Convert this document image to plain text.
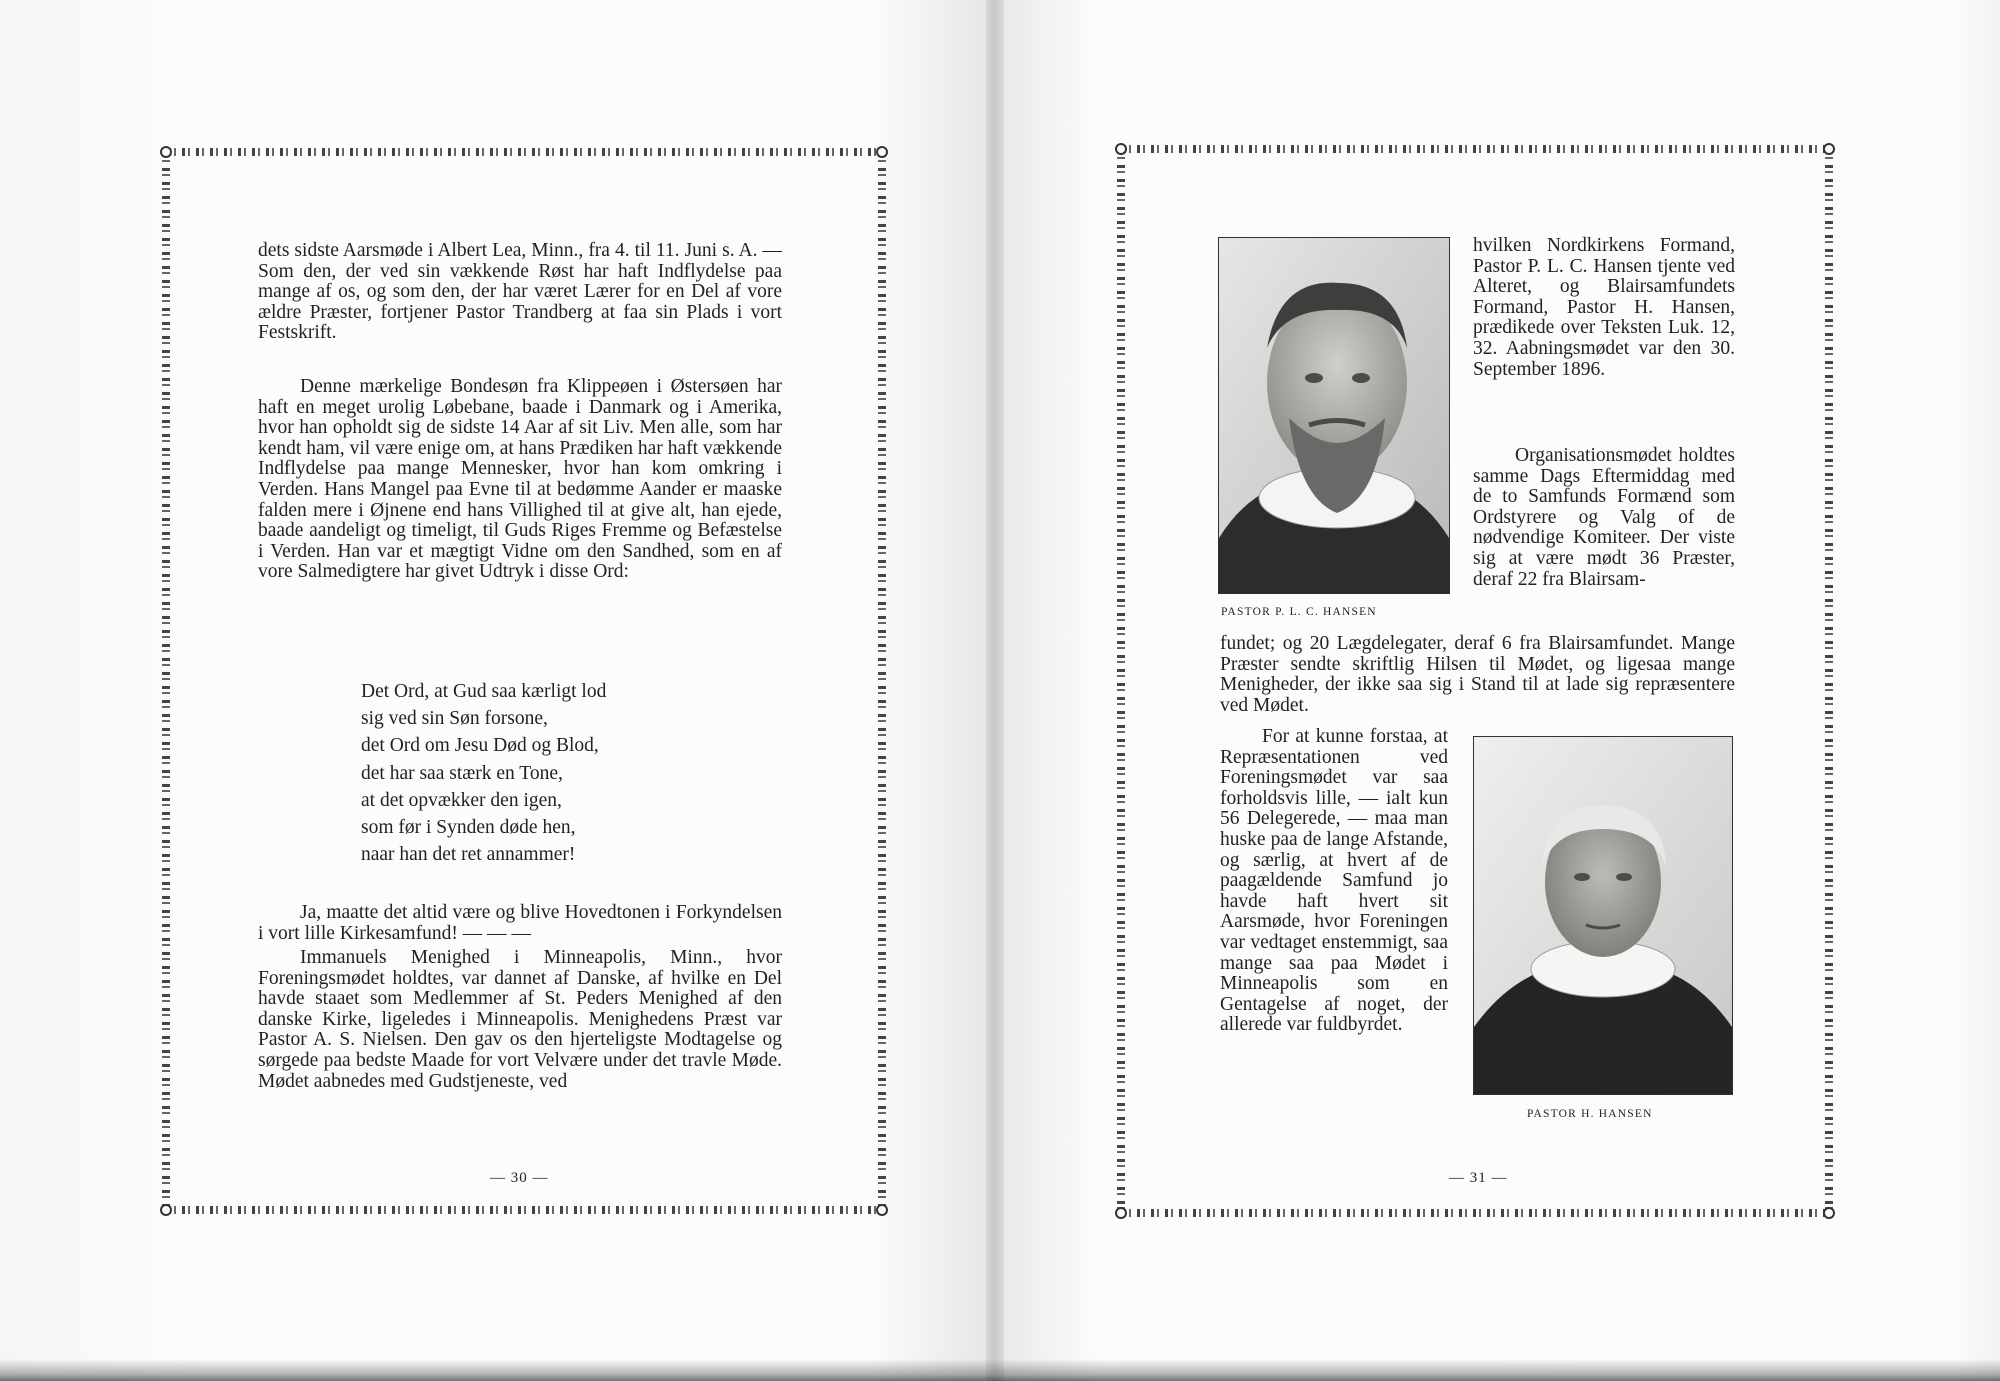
dets sidste Aarsmøde i Albert Lea, Minn., fra 4. til 11. Juni s. A. — Som den, der ved sin vækkende Røst har haft Indflydelse paa mange af os, og som den, der har været Lærer for en Del af vore ældre Præster, fortjener Pastor Trandberg at faa sin Plads i vort Festskrift.

Denne mærkelige Bondesøn fra Klippeøen i Østersøen har haft en meget urolig Løbebane, baade i Danmark og i Amerika, hvor han opholdt sig de sidste 14 Aar af sit Liv. Men alle, som har kendt ham, vil være enige om, at hans Prædiken har haft vækkende Indflydelse paa mange Mennesker, hvor han kom omkring i Verden. Hans Mangel paa Evne til at bedømme Aander er maaske falden mere i Øjnene end hans Villighed til at give alt, han ejede, baade aandeligt og timeligt, til Guds Riges Fremme og Befæstelse i Verden. Han var et mægtigt Vidne om den Sandhed, som en af vore Salmedigtere har givet Udtryk i disse Ord:

Det Ord, at Gud saa kærligt lod
sig ved sin Søn forsone,
det Ord om Jesu Død og Blod,
det har saa stærk en Tone,
at det opvækker den igen,
som før i Synden døde hen,
naar han det ret annammer!

Ja, maatte det altid være og blive Hovedtonen i Forkyndelsen i vort lille Kirkesamfund! — — —

Immanuels Menighed i Minneapolis, Minn., hvor Foreningsmødet holdtes, var dannet af Danske, af hvilke en Del havde staaet som Medlemmer af St. Peders Menighed af den danske Kirke, ligeledes i Minneapolis. Menighedens Præst var Pastor A. S. Nielsen. Den gav os den hjerteligste Modtagelse og sørgede paa bedste Maade for vort Velvære under det travle Møde. Mødet aabnedes med Gudstjeneste, ved

— 30 —
PASTOR P. L. C. HANSEN

hvilken Nordkirkens Formand, Pastor P. L. C. Hansen tjente ved Alteret, og Blairsamfundets Formand, Pastor H. Hansen, prædikede over Teksten Luk. 12, 32. Aabningsmødet var den 30. September 1896.

Organisationsmødet holdtes samme Dags Eftermiddag med de to Samfunds Formænd som Ordstyrere og Valg of de nødvendige Komiteer. Der viste sig at være mødt 36 Præster, deraf 22 fra Blairsam-

fundet; og 20 Lægdelegater, deraf 6 fra Blairsamfundet. Mange Præster sendte skriftlig Hilsen til Mødet, og ligesaa mange Menigheder, der ikke saa sig i Stand til at lade sig repræsentere ved Mødet.

PASTOR H. HANSEN

For at kunne forstaa, at Repræsentationen ved Foreningsmødet var saa forholdsvis lille, — ialt kun 56 Delegerede, — maa man huske paa de lange Afstande, og særlig, at hvert af de paagældende Samfund jo havde haft hvert sit Aarsmøde, hvor Foreningen var vedtaget enstemmigt, saa mange saa paa Mødet i Minneapolis som en Gentagelse af noget, der allerede var fuldbyrdet.

— 31 —
